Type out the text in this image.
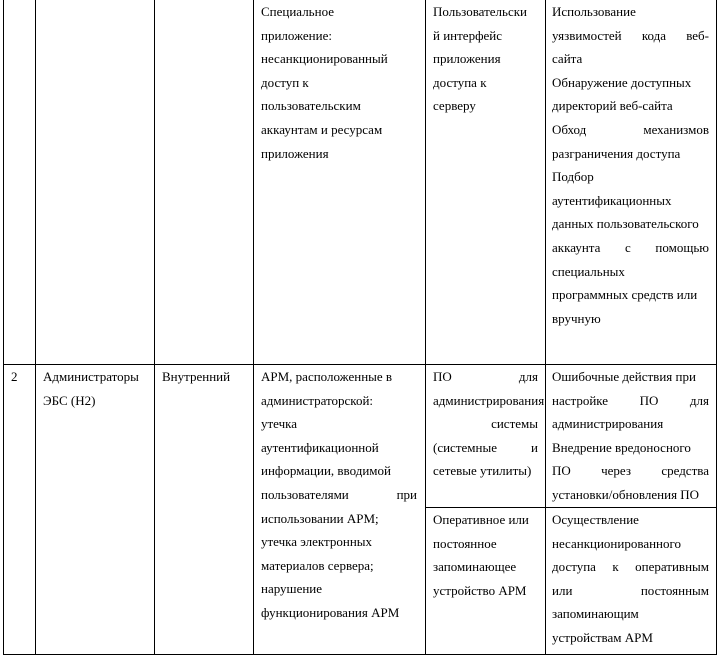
Специальное
приложение:
несанкционированный
доступ к
пользовательским
аккаунтам и ресурсам
приложения
Пользовательски
й интерфейс
приложения
доступа к
серверу
Использование
уязвимостей кода веб-
сайта
Обнаружение доступных
директорий веб-сайта
Обход механизмов
разграничения доступа
Подбор
аутентификационных
данных пользовательского
аккаунта с помощью
специальных
программных средств или
вручную
2	Администраторы
ЭБС (Н2)
Внутренний	АРМ, расположенные в
администраторской:
утечка
аутентификационной
информации, вводимой
пользователями при
использовании АРМ;
утечка электронных
материалов сервера;
нарушение
функционирования АРМ
ПО для
администрирования
системы
(системные и
сетевые утилиты)
Ошибочные действия при
настройке ПО для
администрирования
Внедрение вредоносного
ПО через средства
установки/обновления ПО
Оперативное или
постоянное
запоминающее
устройство АРМ
Осуществление
несанкционированного
доступа к оперативным
или постоянным
запоминающим
устройствам АРМ
